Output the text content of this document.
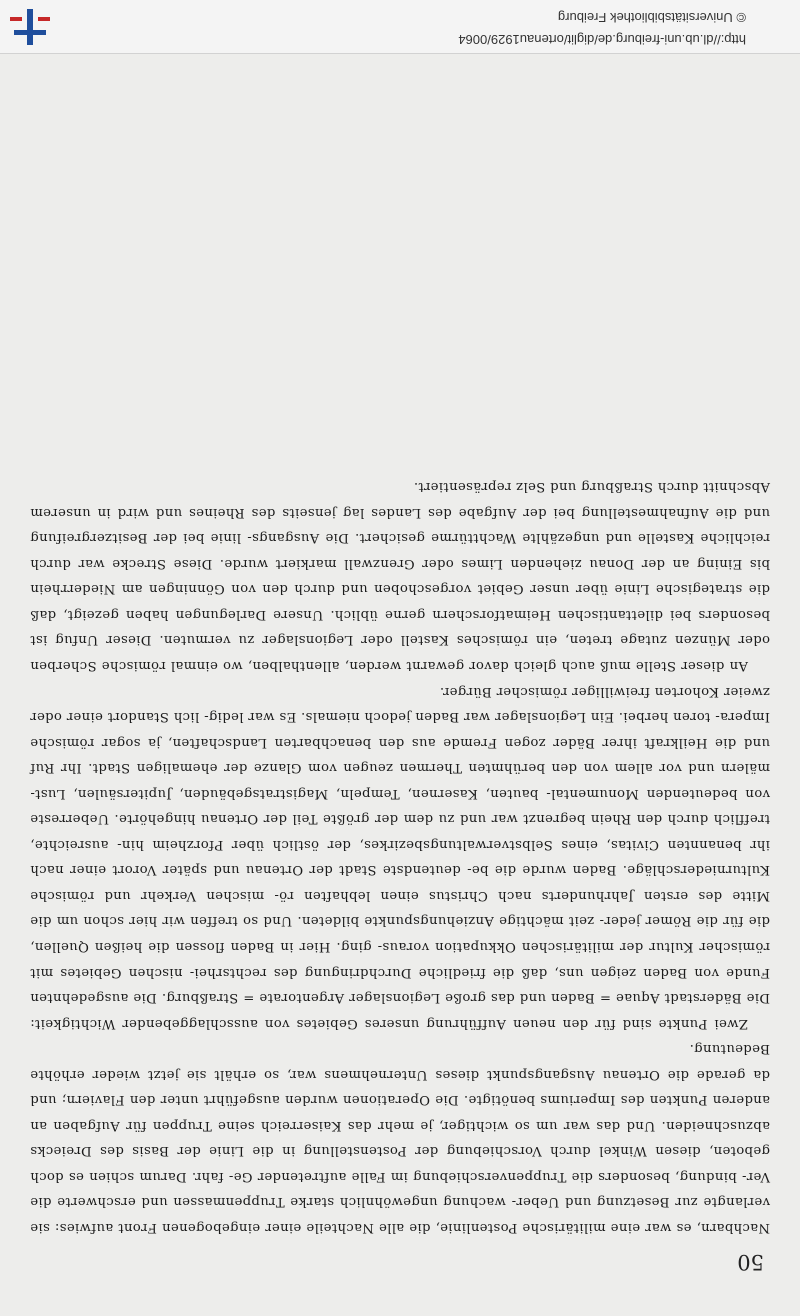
50

Nachbarn, es war eine militärische Postenlinie, die alle Nachteile einer eingebogenen Front aufwies: sie verlangte zur Besetzung und Ueber- wachung ungewöhnlich starke Truppenmassen und erschwerte die Ver- bindung, besonders die Truppenverschiebung im Falle auftretender Ge- fahr. Darum schien es doch geboten, diesen Winkel durch Vorschiebung der Postenstellung in die Linie der Basis des Dreiecks abzuschneiden. Und das war um so wichtiger, je mehr das Kaiserreich seine Truppen für Aufgaben an anderen Punkten des Imperiums benötigte. Die Operationen wurden ausgeführt unter den Flaviern; und da gerade die Ortenau Ausgangspunkt dieses Unternehmens war, so erhält sie jetzt wieder erhöhte Bedeutung.

Zwei Punkte sind für den neuen Aufführung unseres Gebietes von ausschlaggebender Wichtigkeit: Die Bäderstadt Aquae = Baden und das große Legionslager Argentorate = Straßburg. Die ausgedehnten Funde von Baden zeigen uns, daß die friedliche Durchdringung des rechtsrhei- nischen Gebietes mit römischer Kultur der militärischen Okkupation voraus- ging. Hier in Baden flossen die heißen Quellen, die für die Römer jeder- zeit mächtige Anziehungspunkte bildeten. Und so treffen wir hier schon um die Mitte des ersten Jahrhunderts nach Christus einen lebhaften rö- mischen Verkehr und römische Kulturniederschläge. Baden wurde die be- deutendste Stadt der Ortenau und später Vorort einer nach ihr benannten Civitas, eines Selbstverwaltungsbezirkes, der östlich über Pforzheim hin- ausreichte, trefflich durch den Rhein begrenzt war und zu dem der größte Teil der Ortenau hingehörte. Ueberreste von bedeutenden Monumental- bauten, Kasernen, Tempeln, Magistratsgebäuden, Jupitersäulen, Lust- mälern und vor allem von den berühmten Thermen zeugen vom Glanze der ehemaligen Stadt. Ihr Ruf und die Heilkraft ihrer Bäder zogen Fremde aus den benachbarten Landschaften, ja sogar römische Impera- toren herbei. Ein Legionslager war Baden jedoch niemals. Es war ledig- lich Standort einer oder zweier Kohorten freiwilliger römischer Bürger.

An dieser Stelle muß auch gleich davor gewarnt werden, allenthalben, wo einmal römische Scherben oder Münzen zutage treten, ein römisches Kastell oder Legionslager zu vermuten. Dieser Unfug ist besonders bei dilettantischen Heimatforschern gerne üblich. Unsere Darlegungen haben gezeigt, daß die strategische Linie über unser Gebiet vorgeschoben und durch den von Gönningen am Niederrhein bis Eining an der Donau ziehenden Limes oder Grenzwall markiert wurde. Diese Strecke war durch reichliche Kastelle und ungezählte Wachttürme gesichert. Die Ausgangs- linie bei der Besitzergreifung und die Aufnahmestellung bei der Aufgabe des Landes lag jenseits des Rheines und wird in unserem Abschnitt durch Straßburg und Selz repräsentiert.

http://dl.ub.uni-freiburg.de/diglit/ortenau1929/0064
© Universitätsbibliothek Freiburg
